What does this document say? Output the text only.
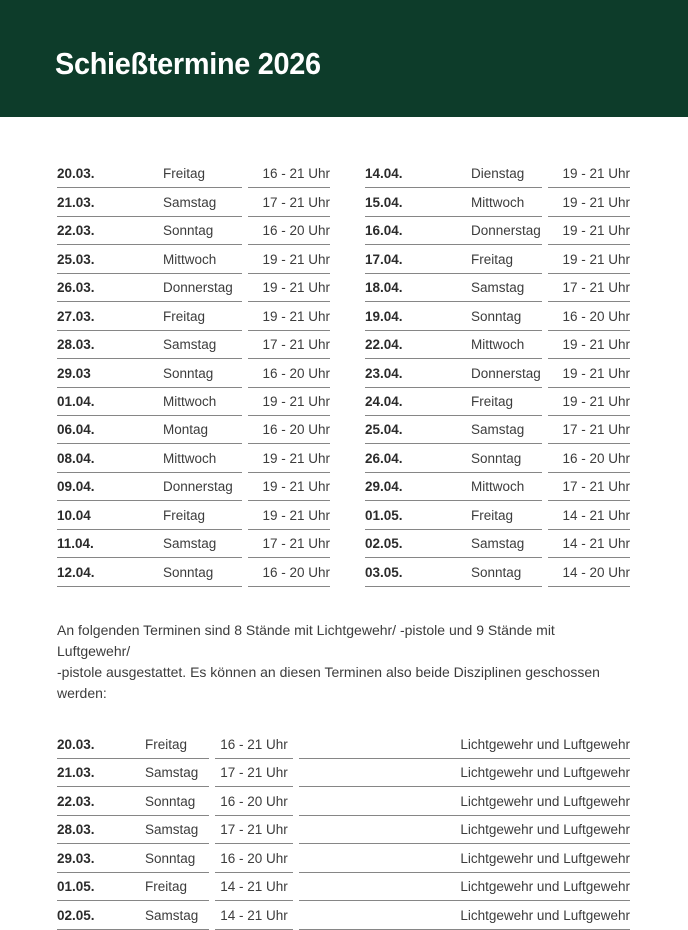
Schießtermine 2026
20.03.	Freitag	16 - 21 Uhr
21.03.	Samstag	17 - 21 Uhr
22.03.	Sonntag	16 - 20 Uhr
25.03.	Mittwoch	19 - 21 Uhr
26.03.	Donnerstag	19 - 21 Uhr
27.03.	Freitag	19 - 21 Uhr
28.03.	Samstag	17 - 21 Uhr
29.03	Sonntag	16 - 20 Uhr
01.04.	Mittwoch	19 - 21 Uhr
06.04.	Montag	16 - 20 Uhr
08.04.	Mittwoch	19 - 21 Uhr
09.04.	Donnerstag	19 - 21 Uhr
10.04	Freitag	19 - 21 Uhr
11.04.	Samstag	17 - 21 Uhr
12.04.	Sonntag	16 - 20 Uhr
14.04.	Dienstag	19 - 21 Uhr
15.04.	Mittwoch	19 - 21 Uhr
16.04.	Donnerstag	19 - 21 Uhr
17.04.	Freitag	19 - 21 Uhr
18.04.	Samstag	17 - 21 Uhr
19.04.	Sonntag	16 - 20 Uhr
22.04.	Mittwoch	19 - 21 Uhr
23.04.	Donnerstag	19 - 21 Uhr
24.04.	Freitag	19 - 21 Uhr
25.04.	Samstag	17 - 21 Uhr
26.04.	Sonntag	16 - 20 Uhr
29.04.	Mittwoch	17 - 21 Uhr
01.05.	Freitag	14 - 21 Uhr
02.05.	Samstag	14 - 21 Uhr
03.05.	Sonntag	14 - 20 Uhr
An folgenden Terminen sind 8 Stände mit Lichtgewehr/ -pistole und 9 Stände mit Luftgewehr/
-pistole ausgestattet. Es können an diesen Terminen also beide Disziplinen geschossen werden:
20.03.	Freitag	16 - 21 Uhr	Lichtgewehr und Luftgewehr
21.03.	Samstag	17 - 21 Uhr	Lichtgewehr und Luftgewehr
22.03.	Sonntag	16 - 20 Uhr	Lichtgewehr und Luftgewehr
28.03.	Samstag	17 - 21 Uhr	Lichtgewehr und Luftgewehr
29.03.	Sonntag	16 - 20 Uhr	Lichtgewehr und Luftgewehr
01.05.	Freitag	14 - 21 Uhr	Lichtgewehr und Luftgewehr
02.05.	Samstag	14 - 21 Uhr	Lichtgewehr und Luftgewehr
